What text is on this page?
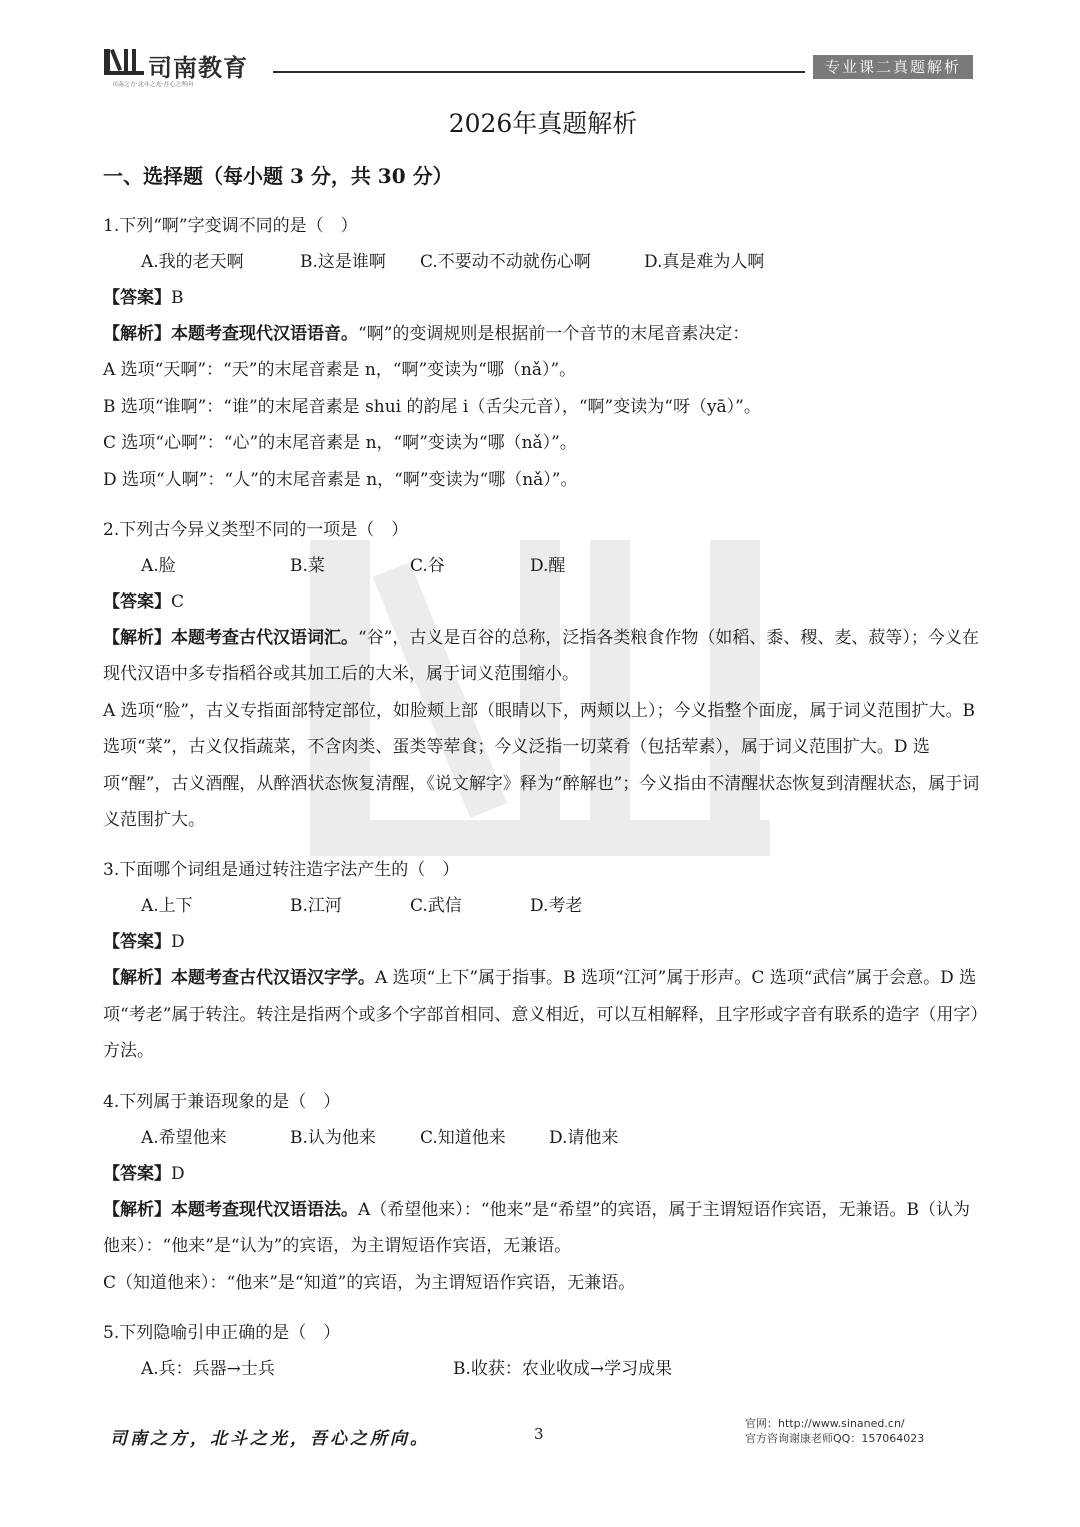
司南教育
司南之方·北斗之光·吾心之所向
专业课二真题解析
2026年真题解析
一、选择题（每小题 3 分，共 30 分）
1.下列“啊”字变调不同的是（　）
A.我的老天啊	B.这是谁啊 C.不要动不动就伤心啊	D.真是难为人啊
【答案】B

【解析】本题考查现代汉语语音。“啊”的变调规则是根据前一个音节的末尾音素决定：

A 选项“天啊”：“天”的末尾音素是 n，“啊”变读为“哪（nǎ）”。

B 选项“谁啊”：“谁”的末尾音素是 shui 的韵尾 i（舌尖元音），“啊”变读为“呀（yā）”。

C 选项“心啊”：“心”的末尾音素是 n，“啊”变读为“哪（nǎ）”。

D 选项“人啊”：“人”的末尾音素是 n，“啊”变读为“哪（nǎ）”。

2.下列古今异义类型不同的一项是（　）
A.脸	B.菜	C.谷	D.醒
【答案】C

【解析】本题考查古代汉语词汇。“谷”，古义是百谷的总称，泛指各类粮食作物（如稻、黍、稷、麦、菽等）；今义在现代汉语中多专指稻谷或其加工后的大米，属于词义范围缩小。

A 选项“脸”，古义专指面部特定部位，如脸颊上部（眼睛以下，两颊以上）；今义指整个面庞，属于词义范围扩大。B 选项“菜”，古义仅指蔬菜，不含肉类、蛋类等荤食；今义泛指一切菜肴（包括荤素），属于词义范围扩大。D 选项“醒”，古义酒醒，从醉酒状态恢复清醒，《说文解字》释为“醉解也”；今义指由不清醒状态恢复到清醒状态，属于词义范围扩大。

3.下面哪个词组是通过转注造字法产生的（　）
A.上下	B.江河	C.武信	D.考老
【答案】D

【解析】本题考查古代汉语汉字学。A 选项“上下”属于指事。B 选项“江河”属于形声。C 选项“武信”属于会意。D 选项“考老”属于转注。转注是指两个或多个字部首相同、意义相近，可以互相解释，且字形或字音有联系的造字（用字）方法。

4.下列属于兼语现象的是（　）
A.希望他来	B.认为他来	C.知道他来	D.请他来
【答案】D

【解析】本题考查现代汉语语法。A（希望他来）：“他来”是“希望”的宾语，属于主谓短语作宾语，无兼语。B（认为他来）：“他来”是“认为”的宾语，为主谓短语作宾语，无兼语。

C（知道他来）：“他来”是“知道”的宾语，为主谓短语作宾语，无兼语。

5.下列隐喻引申正确的是（　）
A.兵：兵器→士兵	B.收获：农业收成→学习成果
司南之方，北斗之光，吾心之所向。	3
官网：http://www.sinaned.cn/
官方咨询谢康老师QQ：157064023
